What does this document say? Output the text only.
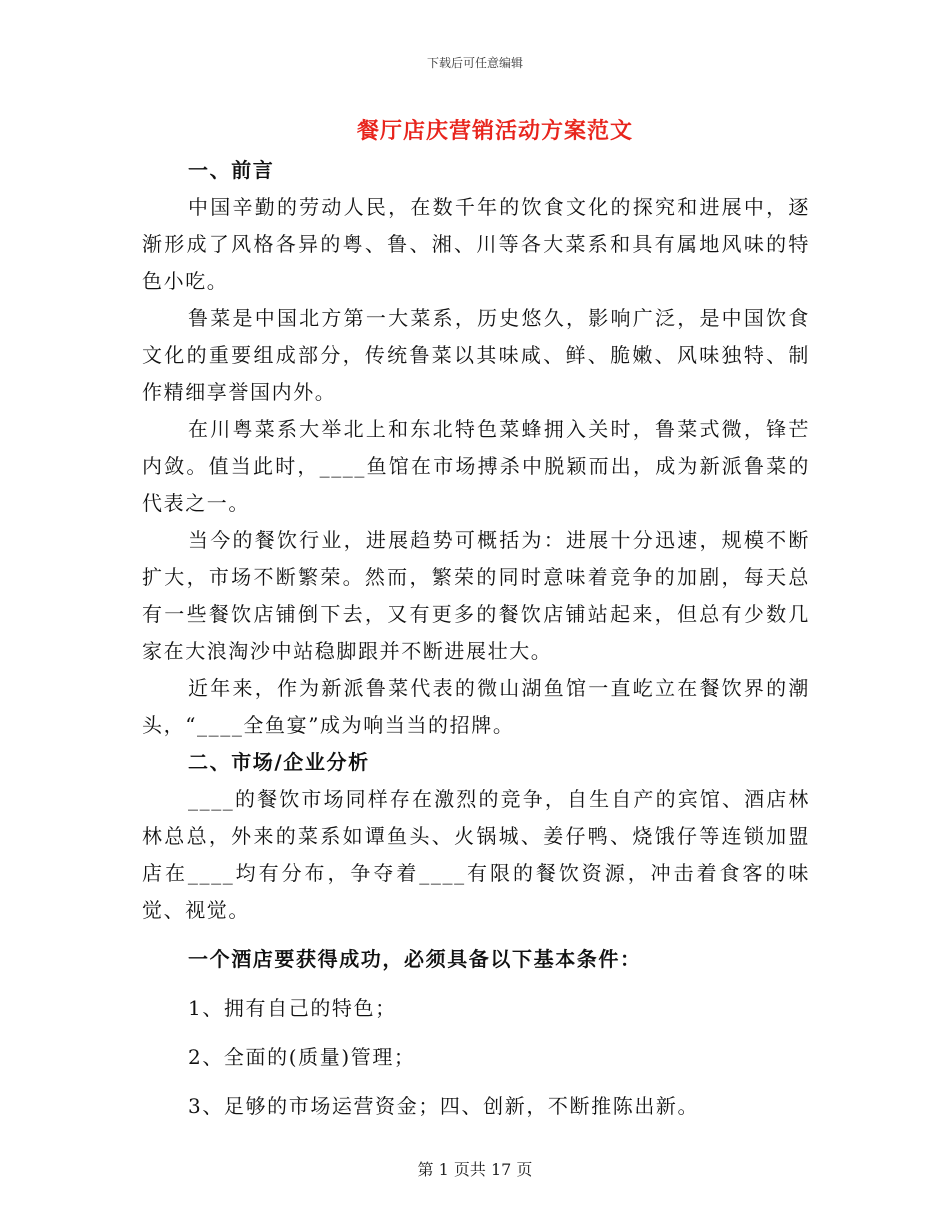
下载后可任意编辑
餐厅店庆营销活动方案范文

一、前言

中国辛勤的劳动人民，在数千年的饮食文化的探究和进展中，逐渐形成了风格各异的粤、鲁、湘、川等各大菜系和具有属地风味的特色小吃。

鲁菜是中国北方第一大菜系，历史悠久，影响广泛，是中国饮食文化的重要组成部分，传统鲁菜以其味咸、鲜、脆嫩、风味独特、制作精细享誉国内外。

在川粤菜系大举北上和东北特色菜蜂拥入关时，鲁菜式微，锋芒内敛。值当此时，____鱼馆在市场搏杀中脱颖而出，成为新派鲁菜的代表之一。

当今的餐饮行业，进展趋势可概括为：进展十分迅速，规模不断扩大，市场不断繁荣。然而，繁荣的同时意味着竞争的加剧，每天总有一些餐饮店铺倒下去，又有更多的餐饮店铺站起来，但总有少数几家在大浪淘沙中站稳脚跟并不断进展壮大。

近年来，作为新派鲁菜代表的微山湖鱼馆一直屹立在餐饮界的潮头，“____全鱼宴”成为响当当的招牌。

二、市场/企业分析

____的餐饮市场同样存在激烈的竞争，自生自产的宾馆、酒店林林总总，外来的菜系如谭鱼头、火锅城、姜仔鸭、烧饿仔等连锁加盟店在____均有分布，争夺着____有限的餐饮资源，冲击着食客的味觉、视觉。

一个酒店要获得成功，必须具备以下基本条件：

1、拥有自己的特色；

2、全面的(质量)管理；

3、足够的市场运营资金；四、创新，不断推陈出新。

第 1 页共 17 页
